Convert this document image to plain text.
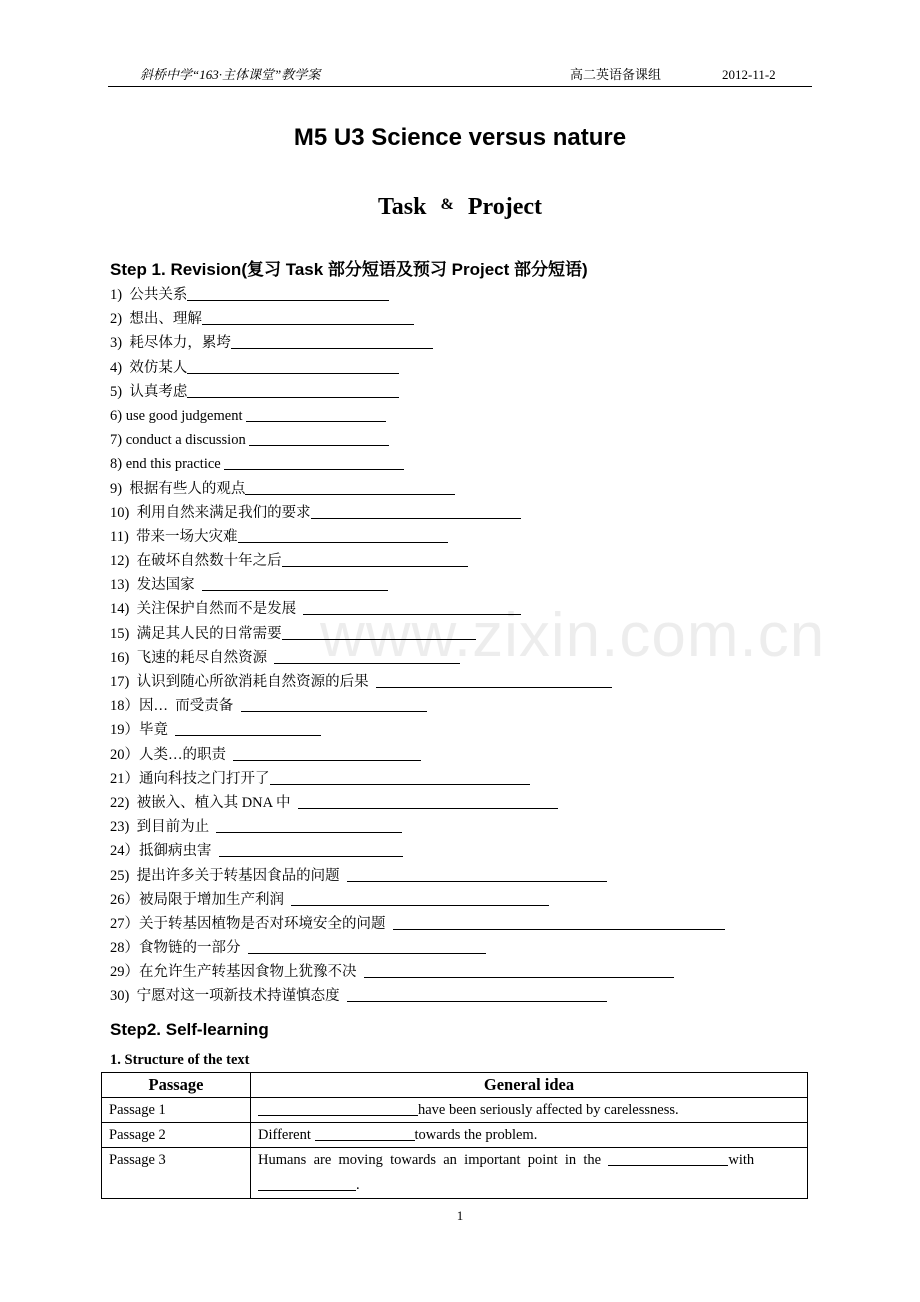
斜桥中学“163·主体课堂”教学案	高二英语备课组	2012-11-2
M5 U3 Science versus nature
Task & Project
Step 1. Revision(复习 Task 部分短语及预习 Project 部分短语)
1)  公共关系
2)  想出、理解
3)  耗尽体力，累垮
4)  效仿某人
5)  认真考虑
6) use good judgement
7) conduct a discussion
8) end this practice
9)  根据有些人的观点
10)  利用自然来满足我们的要求
11)  带来一场大灾难
12)  在破坏自然数十年之后
13)  发达国家
14)  关注保护自然而不是发展
15)  满足其人民的日常需要
16)  飞速的耗尽自然资源
17)  认识到随心所欲消耗自然资源的后果
18）因…  而受责备
19）毕竟
20）人类…的职责
21）通向科技之门打开了
22)  被嵌入、植入其 DNA 中
23)  到目前为止
24）抵御病虫害
25)  提出许多关于转基因食品的问题
26）被局限于增加生产利润
27）关于转基因植物是否对环境安全的问题
28）食物链的一部分
29）在允许生产转基因食物上犹豫不决
30)  宁愿对这一项新技术持谨慎态度
Step2. Self-learning
1. Structure of the text
Passage	General idea
Passage 1	have been seriously affected by carelessness.
Passage 2	Different towards the problem.
Passage 3	Humans  are  moving  towards  an  important  point  in  the with
.
www.zixin.com.cn
1
